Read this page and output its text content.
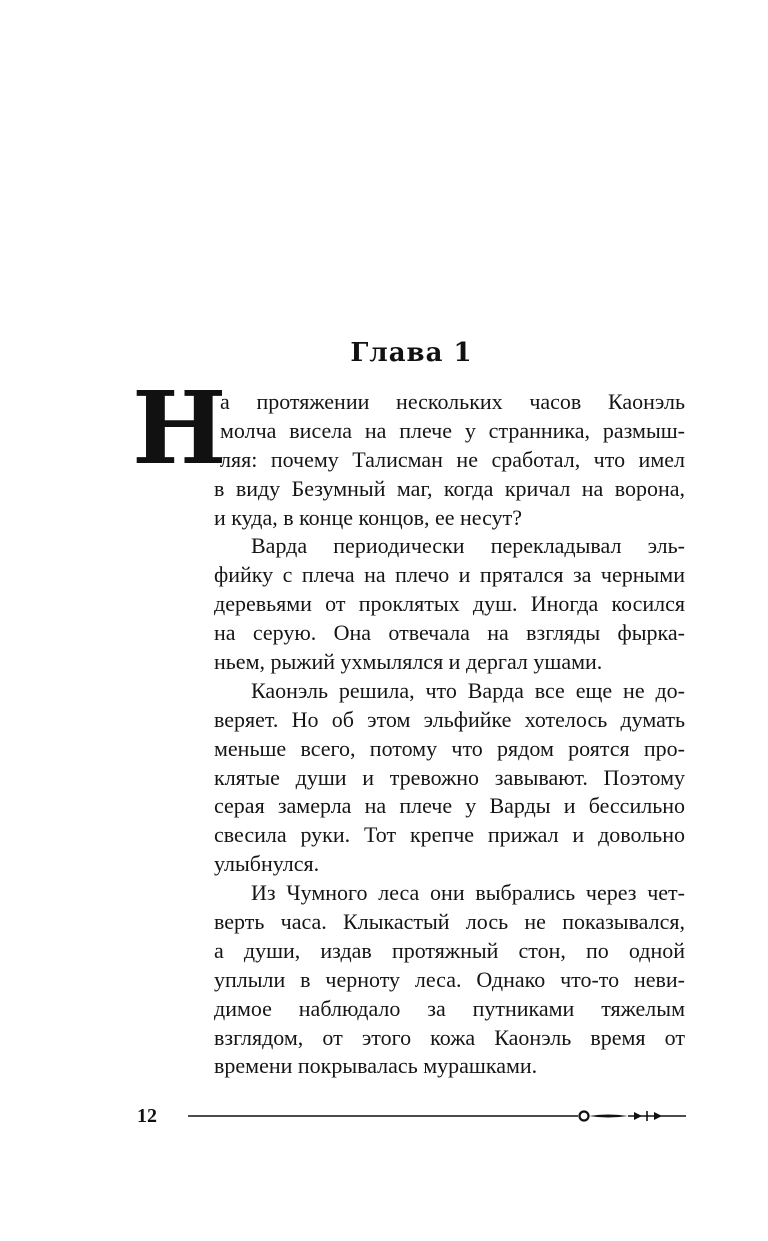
Глава 1
Н
а протяжении нескольких часов Каонэль
молча висела на плече у странника, размыш-
ляя: почему Талисман не сработал, что имел
в виду Безумный маг, когда кричал на ворона,
и куда, в конце концов, ее несут?
Варда периодически перекладывал эль-
фийку с плеча на плечо и прятался за черными
деревьями от проклятых душ. Иногда косился
на серую. Она отвечала на взгляды фырка-
ньем, рыжий ухмылялся и дергал ушами.
Каонэль решила, что Варда все еще не до-
веряет. Но об этом эльфийке хотелось думать
меньше всего, потому что рядом роятся про-
клятые души и тревожно завывают. Поэтому
серая замерла на плече у Варды и бессильно
свесила руки. Тот крепче прижал и довольно
улыбнулся.
Из Чумного леса они выбрались через чет-
верть часа. Клыкастый лось не показывался,
а души, издав протяжный стон, по одной
уплыли в черноту леса. Однако что-то неви-
димое наблюдало за путниками тяжелым
взглядом, от этого кожа Каонэль время от
времени покрывалась мурашками.
12
